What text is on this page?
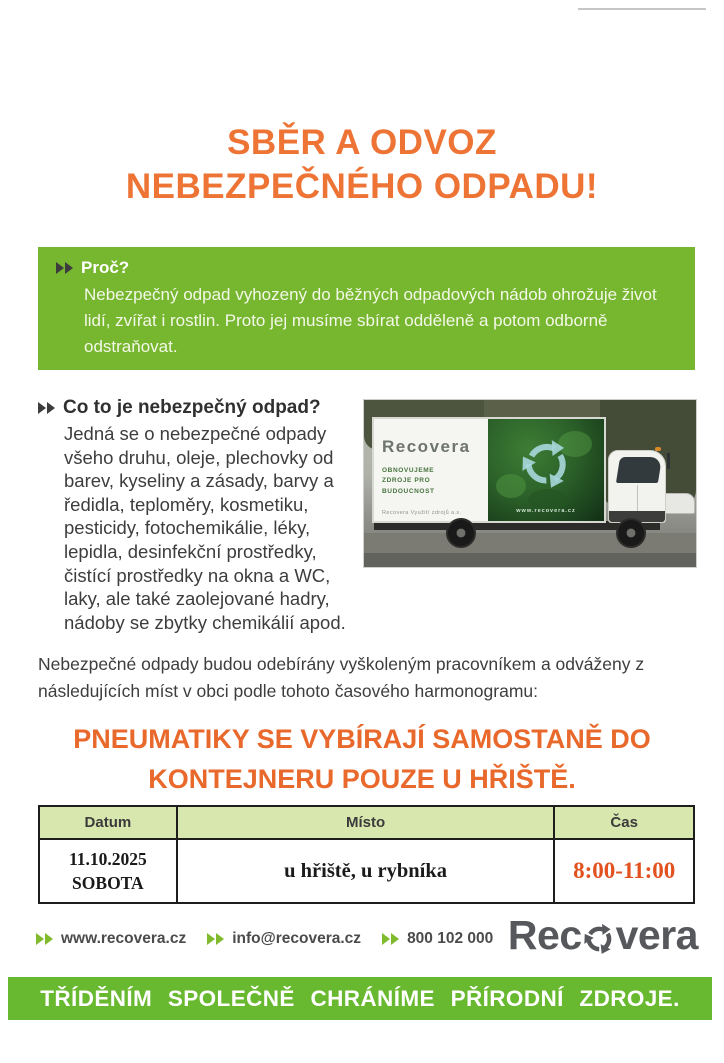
SBĚR A ODVOZ
NEBEZPEČNÉHO ODPADU!
Proč?

Nebezpečný odpad vyhozený do běžných odpadových nádob ohrožuje život lidí, zvířat i rostlin. Proto jej musíme sbírat odděleně a potom odborně odstraňovat.

Co to je nebezpečný odpad?

Jedná se o nebezpečné odpady všeho druhu, oleje, plechovky od barev, kyseliny a zásady, barvy a ředidla, teploměry, kosmetiku, pesticidy, fotochemikálie, léky, lepidla, desinfekční prostředky, čistící prostředky na okna a WC, laky, ale také zaolejované hadry, nádoby se zbytky chemikálií apod.

Recovera
OBNOVUJEME ZDROJE PRO BUDOUCNOST
Recovera Využití zdrojů a.s.	www.recovera.cz

Nebezpečné odpady budou odebírány vyškoleným pracovníkem a odváženy z následujících míst v obci podle tohoto časového harmonogramu:

PNEUMATIKY SE VYBÍRAJÍ SAMOSTANĚ DO
KONTEJNERU POUZE U HŘIŠTĚ.
Datum	Místo	Čas

11.10.2025
SOBOTA	u hřiště, u rybníka	8:00-11:00
www.recovera.cz	info@recovera.cz	800 102 000 Rec vera
TŘÍDĚNÍM SPOLEČNĚ CHRÁNÍME PŘÍRODNÍ ZDROJE. DĚKUJEME.
